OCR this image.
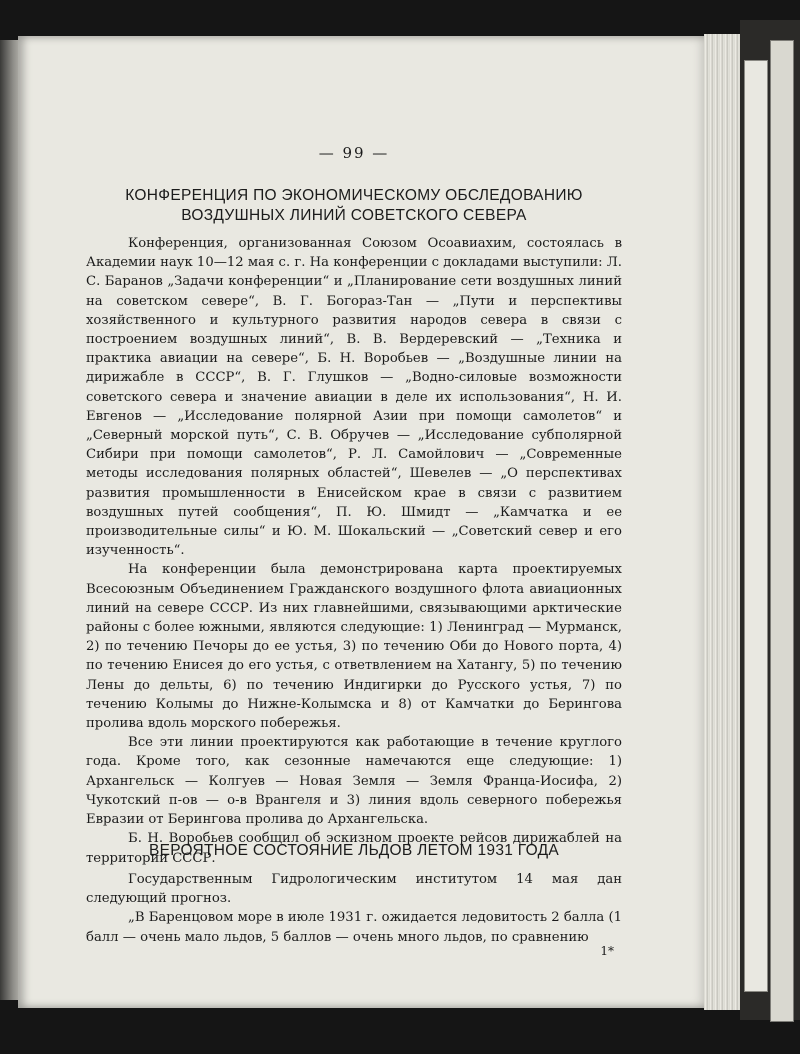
— 99 —
КОНФЕРЕНЦИЯ ПО ЭКОНОМИЧЕСКОМУ ОБСЛЕДОВАНИЮ
ВОЗДУШНЫХ ЛИНИЙ СОВЕТСКОГО СЕВЕРА

Конференция, организованная Союзом Осоавиахим, состоялась в Академии наук 10—12 мая с. г. На конференции с докладами выступили: Л. С. Баранов „Задачи конференции“ и „Планирование сети воздушных линий на советском севере“, В. Г. Богораз-Тан — „Пути и перспективы хозяйственного и культурного развития народов севера в связи с построением воздушных линий“, В. В. Вердеревский — „Техника и практика авиации на севере“, Б. Н. Воробьев — „Воздушные линии на дирижабле в СССР“, В. Г. Глушков — „Водно-силовые возможности советского севера и значение авиации в деле их использования“, Н. И. Евгенов — „Исследование полярной Азии при помощи самолетов“ и „Северный морской путь“, С. В. Обручев — „Исследование субполярной Сибири при помощи самолетов“, Р. Л. Самойлович — „Современные методы исследования полярных областей“, Шевелев — „О перспективах развития промышленности в Енисейском крае в связи с развитием воздушных путей сообщения“, П. Ю. Шмидт — „Камчатка и ее производительные силы“ и Ю. М. Шокальский — „Советский север и его изученность“.

На конференции была демонстрирована карта проектируемых Всесоюзным Объединением Гражданского воздушного флота авиационных линий на севере СССР. Из них главнейшими, связывающими арктические районы с более южными, являются следующие: 1) Ленинград — Мурманск, 2) по течению Печоры до ее устья, 3) по течению Оби до Нового порта, 4) по течению Енисея до его устья, с ответвлением на Хатангу, 5) по течению Лены до дельты, 6) по течению Индигирки до Русского устья, 7) по течению Колымы до Нижне-Колымска и 8) от Камчатки до Берингова пролива вдоль морского побережья.

Все эти линии проектируются как работающие в течение круглого года. Кроме того, как сезонные намечаются еще следующие: 1) Архангельск — Колгуев — Новая Земля — Земля Франца-Иосифа, 2) Чукотский п-ов — о-в Врангеля и 3) линия вдоль северного побережья Евразии от Берингова пролива до Архангельска.

Б. Н. Воробьев сообщил об эскизном проекте рейсов дирижаблей на территории СССР.

ВЕРОЯТНОЕ СОСТОЯНИЕ ЛЬДОВ ЛЕТОМ 1931 ГОДА

Государственным Гидрологическим институтом 14 мая дан следующий прогноз.

„В Баренцовом море в июле 1931 г. ожидается ледовитость 2 балла (1 балл — очень мало льдов, 5 баллов — очень много льдов, по сравнению

1*
